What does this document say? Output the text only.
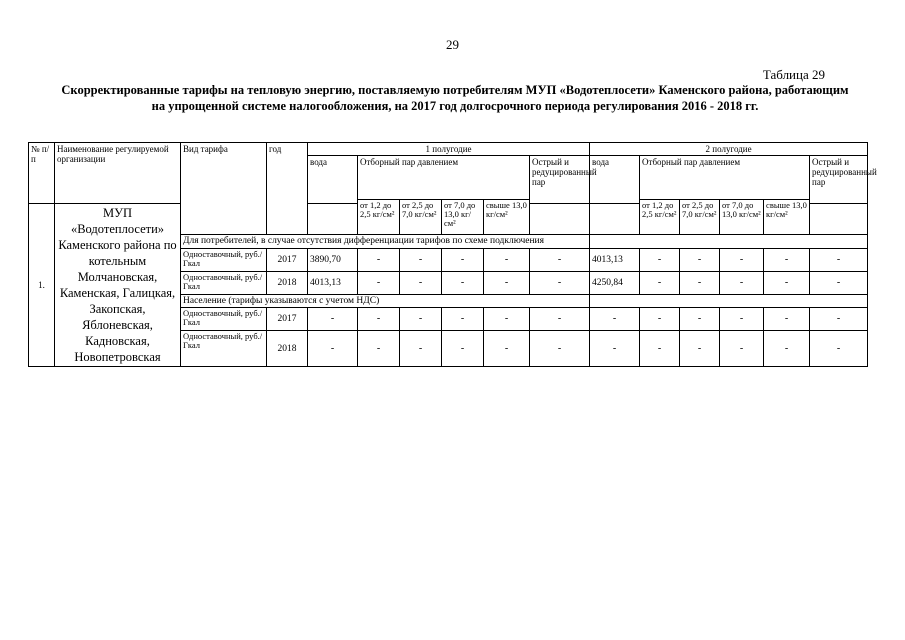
29
Таблица 29
Скорректированные тарифы на тепловую энергию, поставляемую потребителям МУП «Водотеплосети» Каменского района, работающим на упрощенной системе налогообложения, на 2017 год долгосрочного периода регулирования 2016 - 2018 гг.
№ п/п	Наименование регулируемой организации	Вид тарифа	год	1 полугодие						2 полугодие					
				вода	Отборный пар давлением				Острый и редуцированный пар	вода	Отборный пар давлением				Острый и редуцированный пар
					от 1,2 до 2,5 кг/см²	от 2,5 до 7,0 кг/см²	от 7,0 до 13,0 кг/см²	свыше 13,0 кг/см²			от 1,2 до 2,5 кг/см²	от 2,5 до 7,0 кг/см²	от 7,0 до 13,0 кг/см²	свыше 13,0 кг/см²	
1.	МУП «Водотеплосети» Каменского района по котельным Молчановская, Каменская, Галицкая, Закопская, Яблоневская, Кадновская, Новопетровская														
		Для потребителей, в случае отсутствия дифференциации тарифов по схеме подключения													
		Одноставочный, руб./Гкал	2017	3890,70	-	-	-	-	-	4013,13	-	-	-	-	-
		Одноставочный, руб./Гкал	2018	4013,13	-	-	-	-	-	4250,84	-	-	-	-	-
		Население (тарифы указываются с учетом НДС)													
		Одноставочный, руб./Гкал	2017	-	-	-	-	-	-	-	-	-	-	-	-
		Одноставочный, руб./Гкал	2018	-	-	-	-	-	-	-	-	-	-	-	-
